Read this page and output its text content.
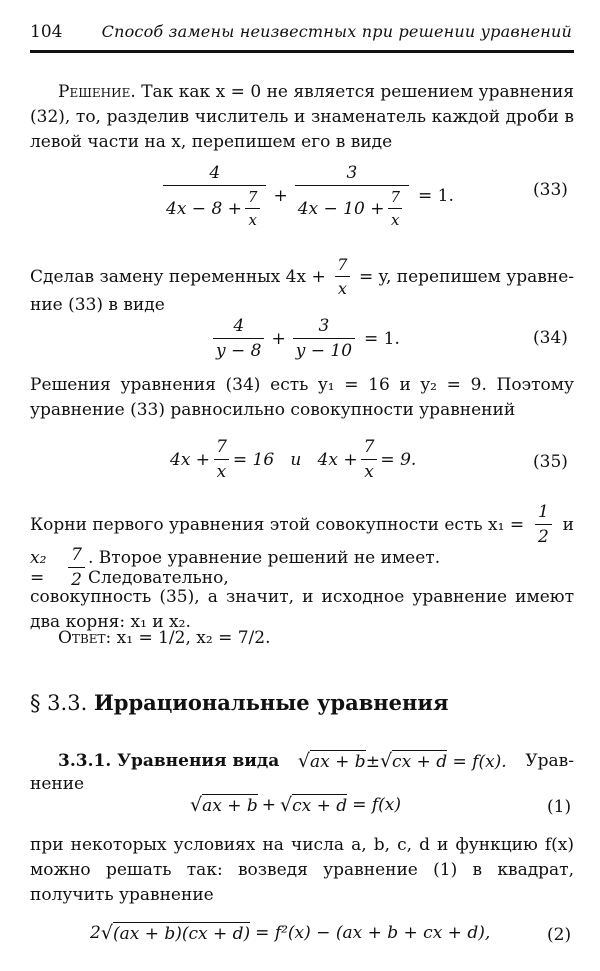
104 Способ замены неизвестных при решении уравнений

Решение. Так как x = 0 не является решением уравнения (32), то, разделив числитель и знаменатель каждой дроби в левой части на x, перепишем его в виде

$\frac{4}{4x - 8 + \frac{7}{x}} + \frac{3}{4x - 10 + \frac{7}{x}} = 1$.	(33)
Сделав замену переменных $4x + \frac{7}{x} = y$, перепишем уравне-
ние (33) в виде
$\frac{4}{y - 8} + \frac{3}{y - 10} = 1$.	(34)
Решения уравнения (34) есть y₁ = 16 и y₂ = 9. Поэтому уравнение (33) равносильно совокупности уравнений
$4x + \frac{7}{x} = 16$   и   $4x + \frac{7}{x} = 9$.	(35)
Корни первого уравнения этой совокупности есть $x_1 = \frac{1}{2}$ и
x₂ =	$\frac{7}{2}$ . Второе уравнение решений не имеет. Следовательно,
совокупность (35), а значит, и исходное уравнение имеют два корня: x₁ и x₂.
Ответ: x₁ = 1/2, x₂ = 7/2.
§ 3.3. Иррациональные уравнения
3.3.1. Уравнения вида √ax + b±√cx + d = f(x). Урав-
нение
√ ax + b + √ cx + d = f(x)	(1)
при некоторых условиях на числа a, b, c, d и функцию f(x) можно решать так: возведя уравнение (1) в квадрат, получить уравнение
2 √ (ax + b)(cx + d) = f²(x) − (ax + b + cx + d),	(2)
